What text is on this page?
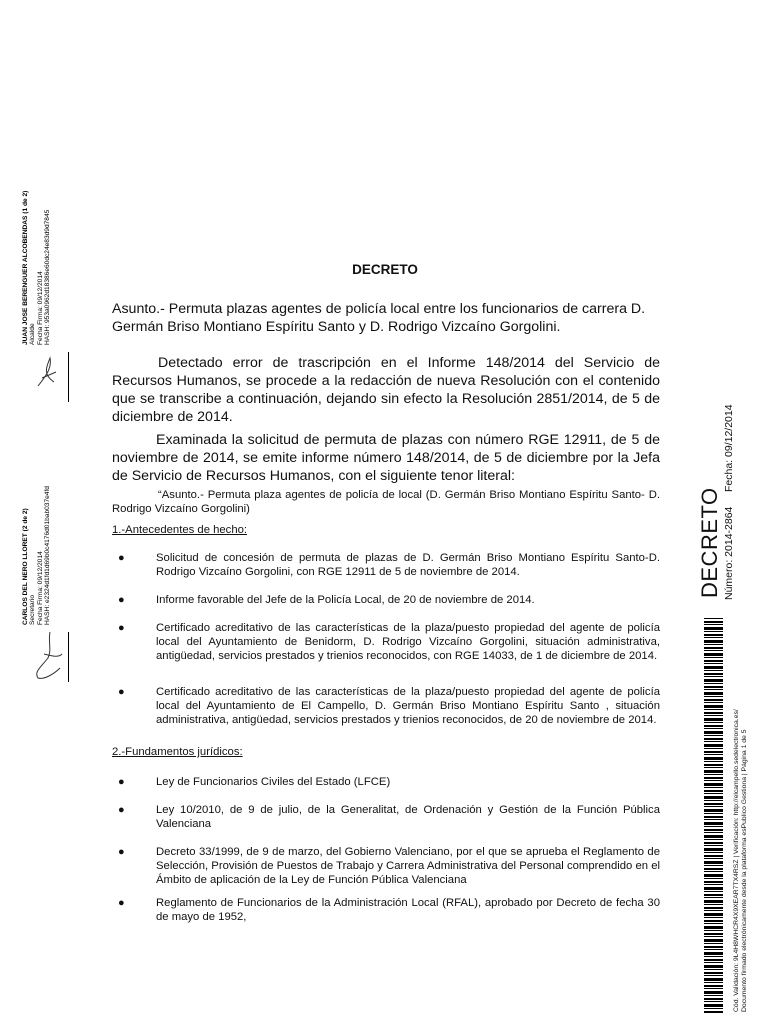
JUAN JOSE BERENGUER ALCOBENDAS (1 de 2) Alcalde Fecha Firma: 09/12/2014 HASH: 953a0962d18386e60dc24e83d9d7845
CARLOS DEL NERO LLORET (2 de 2) Secretario Fecha Firma: 09/12/2014 HASH: e2324d1fd1d69b0c4176d01bab037e4fd	DECRETO Número: 2014-2864
Fecha: 09/12/2014
Cód. Validación: 9L4H8WHCR4X9XEAR7TX4RSZ | Verificación: http://elcampello.sedelectronica.es/ Documento firmado electrónicamente desde la plataforma esPublico Gestiona | Página 1 de 5
DECRETO
Asunto.- Permuta plazas agentes de policía local entre los funcionarios de carrera D. Germán Briso Montiano Espíritu Santo y D. Rodrigo Vizcaíno Gorgolini.
Detectado error de trascripción en el Informe 148/2014 del Servicio de Recursos Humanos, se procede a la redacción de nueva Resolución con el contenido que se transcribe a continuación, dejando sin efecto la Resolución 2851/2014, de 5 de diciembre de 2014.
Examinada la solicitud de permuta de plazas con número RGE 12911, de 5 de noviembre de 2014, se emite informe número 148/2014, de 5 de diciembre por la Jefa de Servicio de Recursos Humanos, con el siguiente tenor literal:
“Asunto.- Permuta plaza agentes de policía de local (D. Germán Briso Montiano Espíritu Santo- D. Rodrigo Vizcaíno Gorgolini)
1.-Antecedentes de hecho:
●	Solicitud de concesión de permuta de plazas de D. Germán Briso Montiano Espíritu Santo-D. Rodrigo Vizcaíno Gorgolini, con RGE 12911 de 5 de noviembre de 2014.
●	Informe favorable del Jefe de la Policía Local, de 20 de noviembre de 2014.
●	Certificado acreditativo de las características de la plaza/puesto propiedad del agente de policía local del Ayuntamiento de Benidorm, D. Rodrigo Vizcaíno Gorgolini, situación administrativa, antigüedad, servicios prestados y trienios reconocidos, con RGE 14033, de 1 de diciembre de 2014.
●	Certificado acreditativo de las características de la plaza/puesto propiedad del agente de policía local del Ayuntamiento de El Campello, D. Germán Briso Montiano Espíritu Santo , situación administrativa, antigüedad, servicios prestados y trienios reconocidos, de 20 de noviembre de 2014.
2.-Fundamentos jurídicos:
●	Ley de Funcionarios Civiles del Estado (LFCE)
●	Ley 10/2010, de 9 de julio, de la Generalitat, de Ordenación y Gestión de la Función Pública Valenciana
●	Decreto 33/1999, de 9 de marzo, del Gobierno Valenciano, por el que se aprueba el Reglamento de Selección, Provisión de Puestos de Trabajo y Carrera Administrativa del Personal comprendido en el Ámbito de aplicación de la Ley de Función Pública Valenciana
●	Reglamento de Funcionarios de la Administración Local (RFAL), aprobado por Decreto de fecha 30 de mayo de 1952,
